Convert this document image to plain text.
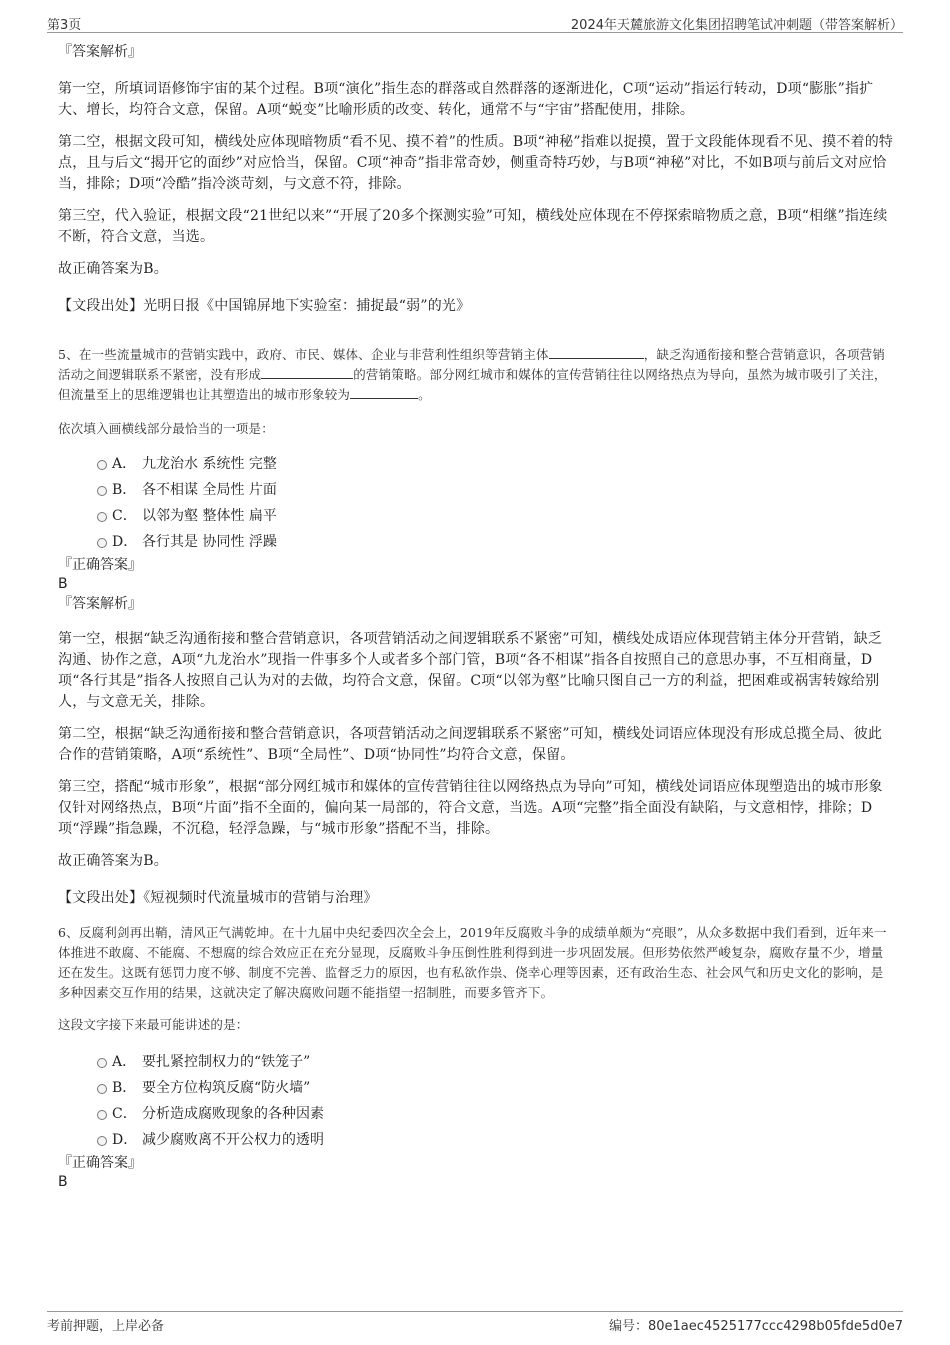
第3页	2024年天麓旅游文化集团招聘笔试冲刺题（带答案解析）

『答案解析』

第一空，所填词语修饰宇宙的某个过程。B项“演化”指生态的群落或自然群落的逐渐进化，C项“运动”指运行转动，D项“膨胀”指扩大、增长，均符合文意，保留。A项“蜕变”比喻形质的改变、转化，通常不与“宇宙”搭配使用，排除。

第二空，根据文段可知，横线处应体现暗物质“看不见、摸不着”的性质。B项“神秘”指难以捉摸，置于文段能体现看不见、摸不着的特点，且与后文“揭开它的面纱”对应恰当，保留。C项“神奇”指非常奇妙，侧重奇特巧妙，与B项“神秘”对比，不如B项与前后文对应恰当，排除；D项“冷酷”指冷淡苛刻，与文意不符，排除。

第三空，代入验证，根据文段“21世纪以来”“开展了20多个探测实验”可知，横线处应体现在不停探索暗物质之意，B项“相继”指连续不断，符合文意，当选。

故正确答案为B。

【文段出处】光明日报《中国锦屏地下实验室：捕捉最“弱”的光》

5、在一些流量城市的营销实践中，政府、市民、媒体、企业与非营利性组织等营销主体	，缺乏沟通衔接和整合营销意识，各项营销活动之间逻辑联系不紧密，没有形成	的营销策略。部分网红城市和媒体的宣传营销往往以网络热点为导向，虽然为城市吸引了关注，但流量至上的思维逻辑也让其塑造出的城市形象较为	。

依次填入画横线部分最恰当的一项是：

A． 九龙治水 系统性 完整
B． 各不相谋 全局性 片面
C． 以邻为壑 整体性 扁平
D． 各行其是 协同性 浮躁

『正确答案』

B

『答案解析』

第一空，根据“缺乏沟通衔接和整合营销意识，各项营销活动之间逻辑联系不紧密”可知，横线处成语应体现营销主体分开营销，缺乏沟通、协作之意，A项“九龙治水”现指一件事多个人或者多个部门管，B项“各不相谋”指各自按照自己的意思办事，不互相商量，D项“各行其是”指各人按照自己认为对的去做，均符合文意，保留。C项“以邻为壑”比喻只图自己一方的利益，把困难或祸害转嫁给别人，与文意无关，排除。

第二空，根据“缺乏沟通衔接和整合营销意识，各项营销活动之间逻辑联系不紧密”可知，横线处词语应体现没有形成总揽全局、彼此合作的营销策略，A项“系统性”、B项“全局性”、D项“协同性”均符合文意，保留。

第三空，搭配“城市形象”，根据“部分网红城市和媒体的宣传营销往往以网络热点为导向”可知，横线处词语应体现塑造出的城市形象仅针对网络热点，B项“片面”指不全面的，偏向某一局部的，符合文意，当选。A项“完整”指全面没有缺陷，与文意相悖，排除；D项“浮躁”指急躁，不沉稳，轻浮急躁，与“城市形象”搭配不当，排除。

故正确答案为B。

【文段出处】《短视频时代流量城市的营销与治理》

6、反腐利剑再出鞘，清风正气满乾坤。在十九届中央纪委四次全会上，2019年反腐败斗争的成绩单颇为“亮眼”，从众多数据中我们看到，近年来一体推进不敢腐、不能腐、不想腐的综合效应正在充分显现，反腐败斗争压倒性胜利得到进一步巩固发展。但形势依然严峻复杂，腐败存量不少，增量还在发生。这既有惩罚力度不够、制度不完善、监督乏力的原因，也有私欲作祟、侥幸心理等因素，还有政治生态、社会风气和历史文化的影响，是多种因素交互作用的结果，这就决定了解决腐败问题不能指望一招制胜，而要多管齐下。

这段文字接下来最可能讲述的是：

A． 要扎紧控制权力的“铁笼子”
B． 要全方位构筑反腐“防火墙”
C． 分析造成腐败现象的各种因素
D． 减少腐败离不开公权力的透明

『正确答案』

B

考前押题，上岸必备	编号：80e1aec4525177ccc4298b05fde5d0e7
